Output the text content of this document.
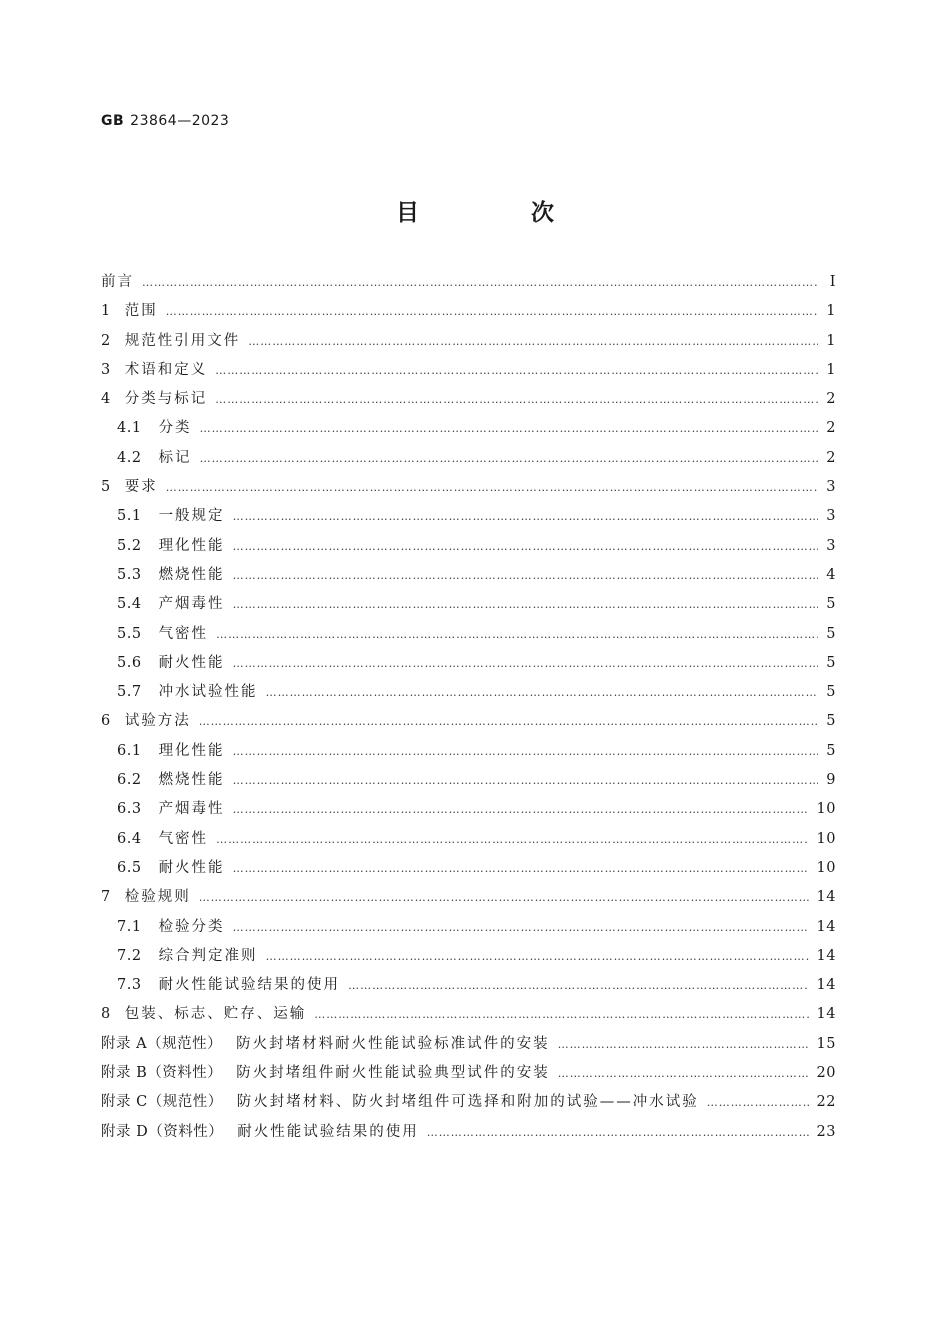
GB 23864—2023
目 次
前言 ……………………………………………………………………………………………………………………………………………………………………………………………………………………………………………………	Ⅰ
1 范围 ……………………………………………………………………………………………………………………………………………………………………………………………………………………………………………………	1
2 规范性引用文件 ……………………………………………………………………………………………………………………………………………………………………………………………………………………………………………………	1
3 术语和定义 ……………………………………………………………………………………………………………………………………………………………………………………………………………………………………………………	1
4 分类与标记 ……………………………………………………………………………………………………………………………………………………………………………………………………………………………………………………	2
4.1 分类 ……………………………………………………………………………………………………………………………………………………………………………………………………………………………………………………	2
4.2 标记 ……………………………………………………………………………………………………………………………………………………………………………………………………………………………………………………	2
5 要求 ……………………………………………………………………………………………………………………………………………………………………………………………………………………………………………………	3
5.1 一般规定 ……………………………………………………………………………………………………………………………………………………………………………………………………………………………………………………	3
5.2 理化性能 ……………………………………………………………………………………………………………………………………………………………………………………………………………………………………………………	3
5.3 燃烧性能 ……………………………………………………………………………………………………………………………………………………………………………………………………………………………………………………	4
5.4 产烟毒性 ……………………………………………………………………………………………………………………………………………………………………………………………………………………………………………………	5
5.5 气密性 ……………………………………………………………………………………………………………………………………………………………………………………………………………………………………………………	5
5.6 耐火性能 ……………………………………………………………………………………………………………………………………………………………………………………………………………………………………………………	5
5.7 冲水试验性能 ……………………………………………………………………………………………………………………………………………………………………………………………………………………………………………………	5
6 试验方法 ……………………………………………………………………………………………………………………………………………………………………………………………………………………………………………………	5
6.1 理化性能 ……………………………………………………………………………………………………………………………………………………………………………………………………………………………………………………	5
6.2 燃烧性能 ……………………………………………………………………………………………………………………………………………………………………………………………………………………………………………………	9
6.3 产烟毒性 ……………………………………………………………………………………………………………………………………………………………………………………………………………………………………………………	10
6.4 气密性 ……………………………………………………………………………………………………………………………………………………………………………………………………………………………………………………	10
6.5 耐火性能 ……………………………………………………………………………………………………………………………………………………………………………………………………………………………………………………	10
7 检验规则 ……………………………………………………………………………………………………………………………………………………………………………………………………………………………………………………	14
7.1 检验分类 ……………………………………………………………………………………………………………………………………………………………………………………………………………………………………………………	14
7.2 综合判定准则 ……………………………………………………………………………………………………………………………………………………………………………………………………………………………………………………	14
7.3 耐火性能试验结果的使用 ……………………………………………………………………………………………………………………………………………………………………………………………………………………………………………………	14
8 包装、标志、贮存、运输 ……………………………………………………………………………………………………………………………………………………………………………………………………………………………………………………	14
附录 A（规范性） 防火封堵材料耐火性能试验标准试件的安装 ……………………………………………………………………………………………………………………………………………………………………………………………………………………………………………………	15
附录 B（资料性） 防火封堵组件耐火性能试验典型试件的安装 ……………………………………………………………………………………………………………………………………………………………………………………………………………………………………………………	20
附录 C（规范性） 防火封堵材料、防火封堵组件可选择和附加的试验——冲水试验 ……………………………………………………………………………………………………………………………………………………………………………………………………………………………………………………	22
附录 D（资料性） 耐火性能试验结果的使用 ……………………………………………………………………………………………………………………………………………………………………………………………………………………………………………………	23
